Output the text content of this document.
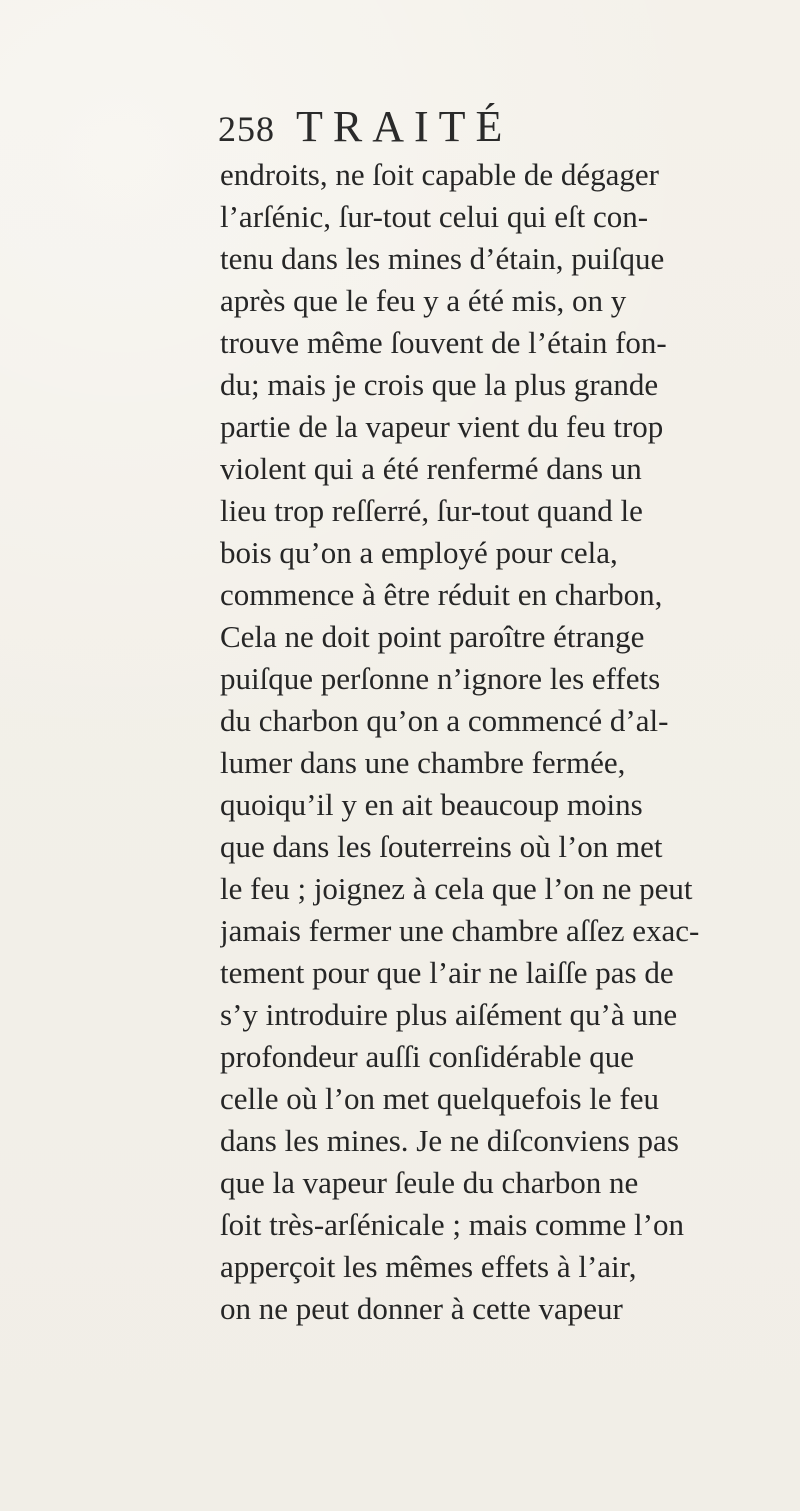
258 TRAITÉ
endroits, ne ſoit capable de dégager
l’arſénic, ſur-tout celui qui eſt con-
tenu dans les mines d’étain, puiſque
après que le feu y a été mis, on y
trouve même ſouvent de l’étain fon-
du; mais je crois que la plus grande
partie de la vapeur vient du feu trop
violent qui a été renfermé dans un
lieu trop reſſerré, ſur-tout quand le
bois qu’on a employé pour cela,
commence à être réduit en charbon,
Cela ne doit point paroître étrange
puiſque perſonne n’ignore les effets
du charbon qu’on a commencé d’al-
lumer dans une chambre fermée,
quoiqu’il y en ait beaucoup moins
que dans les ſouterreins où l’on met
le feu ; joignez à cela que l’on ne peut
jamais fermer une chambre aſſez exac-
tement pour que l’air ne laiſſe pas de
s’y introduire plus aiſément qu’à une
profondeur auſſi conſidérable que
celle où l’on met quelquefois le feu
dans les mines. Je ne diſconviens pas
que la vapeur ſeule du charbon ne
ſoit très-arſénicale ; mais comme l’on
apperçoit les mêmes effets à l’air,
on ne peut donner à cette vapeur
